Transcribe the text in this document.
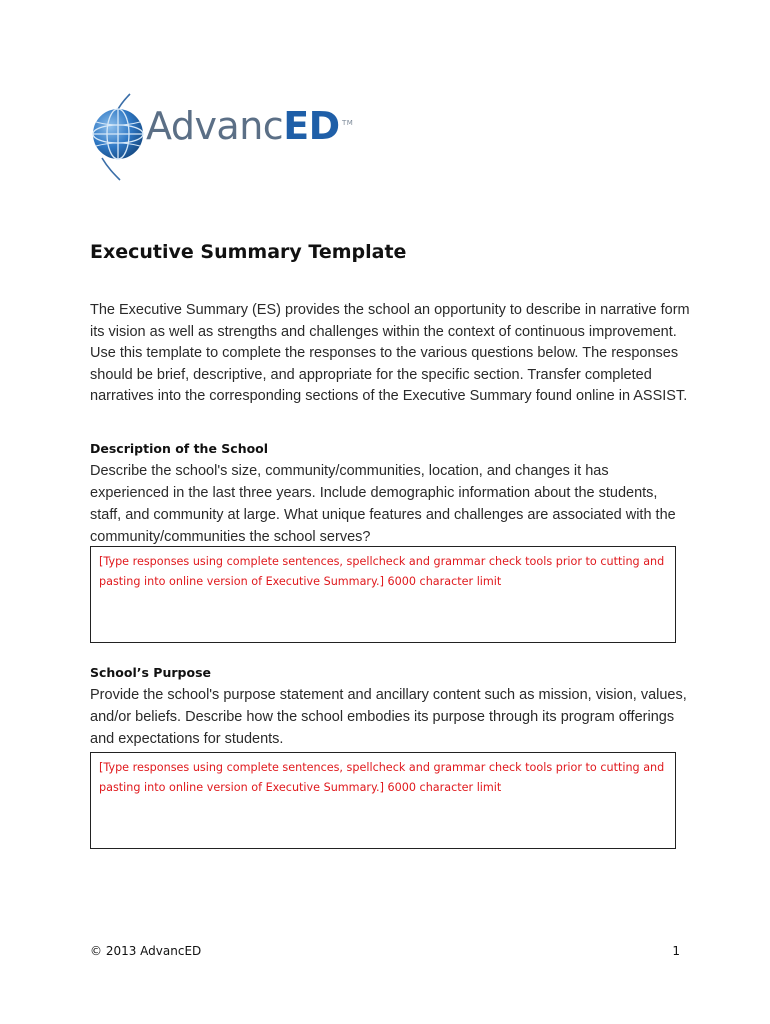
AdvancED TM
Executive Summary Template

The Executive Summary (ES) provides the school an opportunity to describe in narrative form its vision as well as strengths and challenges within the context of continuous improvement. Use this template to complete the responses to the various questions below. The responses should be brief, descriptive, and appropriate for the specific section. Transfer completed narratives into the corresponding sections of the Executive Summary found online in ASSIST.

Description of the School

Describe the school's size, community/communities, location, and changes it has experienced in the last three years. Include demographic information about the students, staff, and community at large. What unique features and challenges are associated with the community/communities the school serves?

[Type responses using complete sentences, spellcheck and grammar check tools prior to cutting and pasting into online version of Executive Summary.] 6000 character limit

School’s Purpose

Provide the school's purpose statement and ancillary content such as mission, vision, values, and/or beliefs. Describe how the school embodies its purpose through its program offerings and expectations for students.

[Type responses using complete sentences, spellcheck and grammar check tools prior to cutting and pasting into online version of Executive Summary.] 6000 character limit

© 2013 AdvancED	1
